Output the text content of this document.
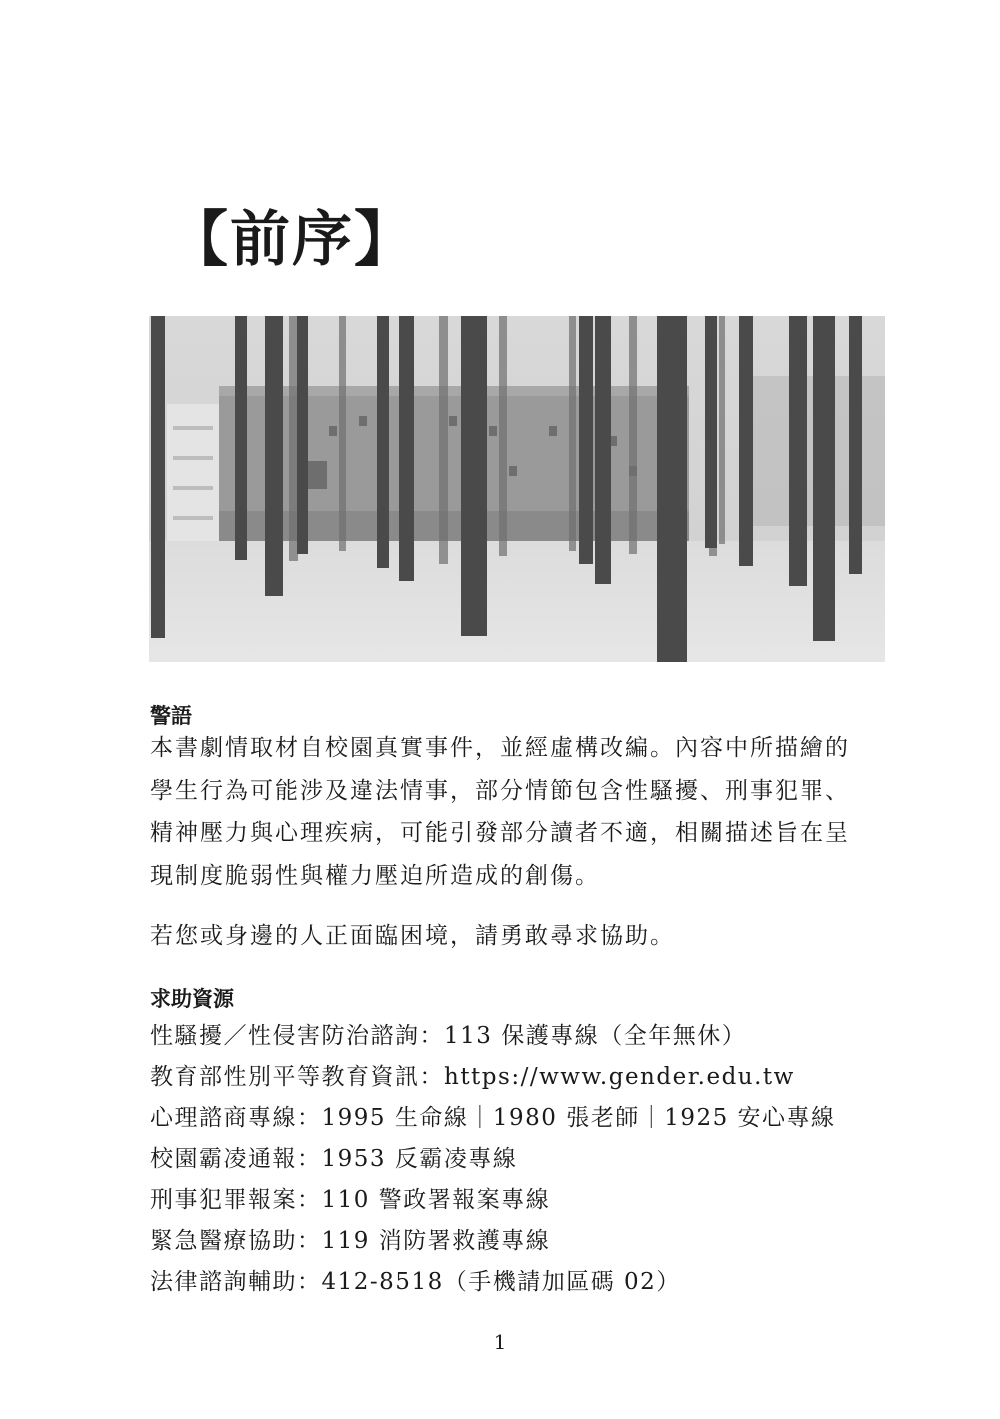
【前序】
警語

本書劇情取材自校園真實事件，並經虛構改編。內容中所描繪的
學生行為可能涉及違法情事，部分情節包含性騷擾、刑事犯罪、
精神壓力與心理疾病，可能引發部分讀者不適，相關描述旨在呈
現制度脆弱性與權力壓迫所造成的創傷。

若您或身邊的人正面臨困境，請勇敢尋求協助。

求助資源
性騷擾／性侵害防治諮詢：113 保護專線（全年無休）
教育部性別平等教育資訊：https://www.gender.edu.tw
心理諮商專線：1995 生命線｜1980 張老師｜1925 安心專線
校園霸凌通報：1953 反霸凌專線
刑事犯罪報案：110 警政署報案專線
緊急醫療協助：119 消防署救護專線
法律諮詢輔助：412-8518（手機請加區碼 02）
1
